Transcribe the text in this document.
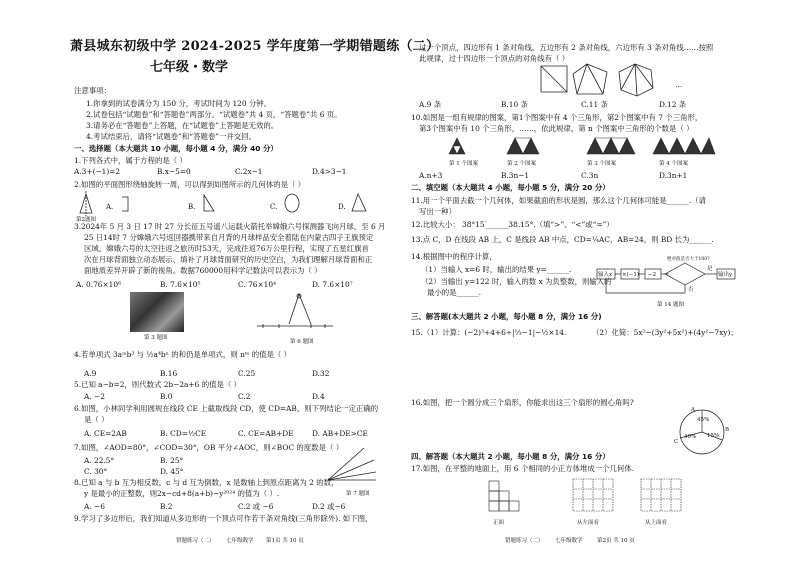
萧县城东初级中学 2024-2025 学年度第一学期错题练（二）
七年级・数学
注意事项：
1.你拿到的试卷满分为 150 分，考试时间为 120 分钟。
2.试卷包括“试题卷”和“答题卷”两部分。“试题卷”共 4 页，“答题卷”共 6 页。
3.请务必在“答题卷”上答题，在“试题卷”上答题是无效的。
4.考试结束后，请将“试题卷”和“答题卷”一并交回。
一、选择题（本大题共 10 小题，每小题 4 分，满分 40 分）
1.下列各式中，属于方程的是（ ）
A.3+(−1)=2	B.x−5=0	C.2x−1	D.4>3−1
2.如图的平面图形绕轴旋转一周，可以得到如图所示的几何体的是（ ）
A.	B.	C.	D.
第2题图
3.2024年 5 月 3 日 17 时 27 分长征五号遥八运载火箭托举嫦娥六号探测器飞向月球，至 6 月
25 日14时 7 分嫦娥六号返回器携带来自月背的月球样品安全着陆在内蒙古四子王旗预定
区域，嫦娥六号的太空往返之旅历时53天，完成往返76万公里行程，实现了五星红旗首
次在月球背面独立动态展示、填补了月球背面研究的历史空白，为我们理解月球背面和正
面地质差异开辟了新的视角。数据760000用科学记数法可以表示为（ ）
A. 0.76×10⁶	B. 7.6×10⁵	C. 76×10⁴	D. 7.6×10⁷
第 3 题图
第 6 题图
4.若单项式 3aᵐb³ 与 ½a⁴bⁿ 的和仍是单项式，则 nᵐ 的值是（ ）
A.9	B.16	C.25	D.32
5.已知 a−b=2，则代数式 2b−2a+6 的值是（ ）
A. −2	B.0	C.2	D.4
6.如图，小林同学利用圆规在线段 CE 上截取线段 CD，使 CD=AB，则下列结论一定正确的
是（ ）
A. CE=2AB	B. CD=½CE	C. CE=AB+DE D. AB+DE>CE
7.如图，∠AOD=80°，∠COD=30°，OB 平分∠AOC，则∠BOC 的度数是（ ）
A. 22.5°	B. 25°
C. 30°	D. 45°
第 7 题图
8.已知 a 与 b 互为相反数，c 与 d 互为倒数，x 是数轴上到原点距离为 2 的数，
y 是最小的正整数，则2x−cd+8(a+b)−y²⁰²⁴ 的值为（ ）.
A. −6	B.2	C.2 或 −6	D.2 或−6
9.学习了多边形后，我们知道从多边形的一个顶点可作若干条对角线(三角形除外). 如下图，
错题练习（二） 七年级数学 第1页 共 10 页
过一个顶点，四边形有 1 条对角线，五边形有 2 条对角线，六边形有 3 条对角线……按照
此规律，过十四边形一个顶点的对角线有（ ）
…
A.9 条	B.10 条	C.11 条	D.12 条
10.如图是一组有规律的图案，第1个图案中有 4 个三角形，第2个图案中有 7 个三角形，
第3个图案中有 10 个三角形，……，依此规律，第 n 个图案中三角形的个数是（ ）
第 1 个图案	第 2 个图案	第 3 个图案	第 4 个图案
A.n+3	B.3n−1	C.3n	D.3n+1
二、填空题（本大题共 4 小题，每小题 5 分，满分 20 分）
11.用一个平面去截一个几何体，如果截面的形状是圆，那么这个几何体可能是______.（请
写出一种）
12.比较大小： 38°15′______38.15°.（填“>”、“<”或“=”）
13.点 C，D 在线段 AB 上，C 是线段 AB 中点，CD=¼AC，AB=24，则 BD 长为______.
14.根据图中的程序计算，
（1）当输入 x=6 时，输出的结果 y=______.
（2）当输出 y=122 时，输入的数 x 为负整数，则输入的
最小的是______.
输入x ×(−1) −2	输出y
绝对值是否大于100?
是
否
第 14 题图
三、解答题(本大题共 2 小题，每小题 8 分，满分 16 分)
15.（1）计算：(−2)³+4+6÷|⅓−1|−½×14.	（2）化简：5x²−(3y²+5x²)+(4y²−7xy)；
16.如图，把一个圆分成三个扇形，你能求出这三个扇形的圆心角吗?
45%
40% 15%
A
B
C
四、解答题（本大题共 2 小题，每小题 8 分，满分 16 分）
17.如图，在平整的地面上，用 6 个相同的小正方体堆成一个几何体.
正面	从左面看	从上面看
错题练习（二） 七年级数学	第2页 共 10 页
